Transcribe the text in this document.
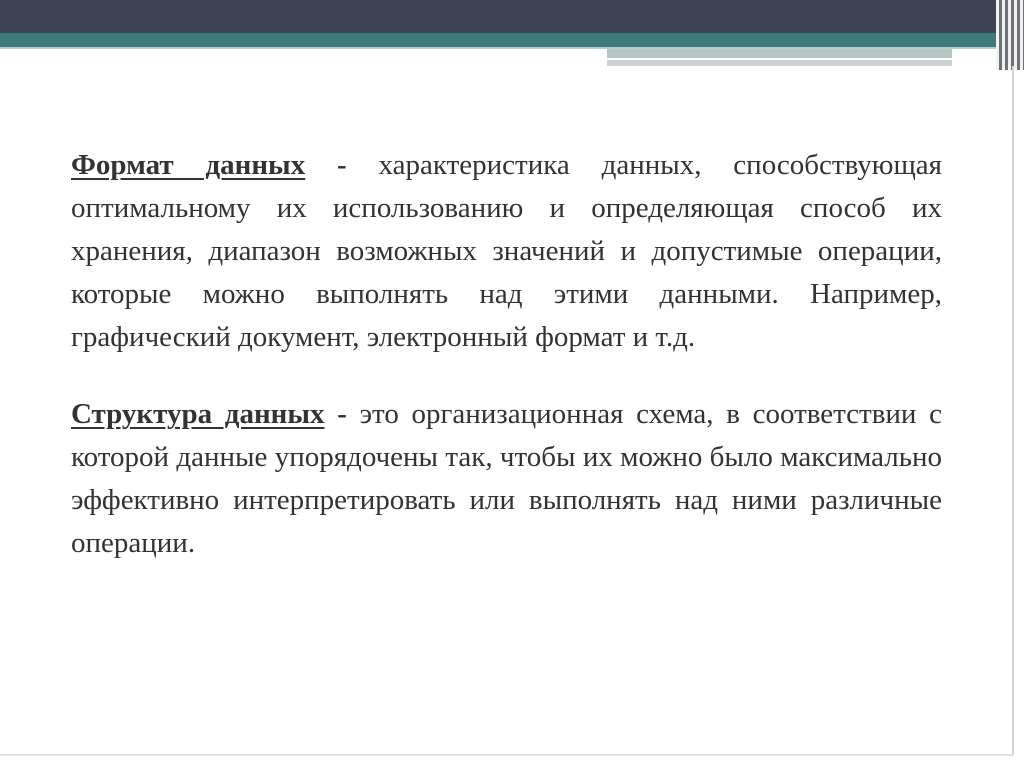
Формат данных - характеристика данных, способствующая оптимальному их использованию и определяющая способ их хранения, диапазон возможных значений и допустимые операции, которые можно выполнять над этими данными. Например, графический документ, электронный формат и т.д.

Структура данных - это организационная схема, в соответствии с которой данные упорядочены так, чтобы их можно было максимально эффективно интерпретировать или выполнять над ними различные операции.
